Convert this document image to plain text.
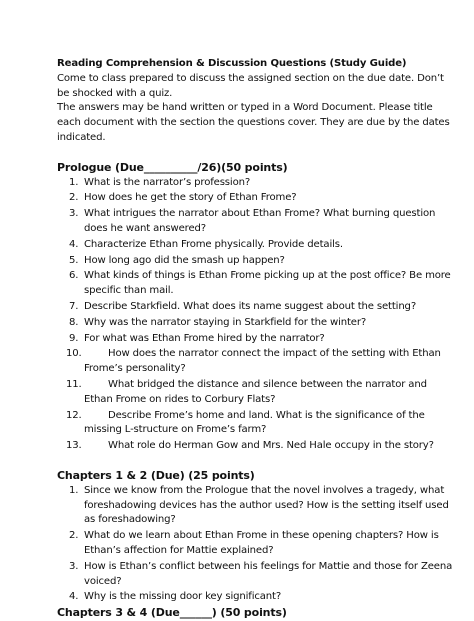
Reading Comprehension & Discussion Questions (Study Guide)

Come to class prepared to discuss the assigned section on the due date. Don’t be shocked with a quiz.

The answers may be hand written or typed in a Word Document. Please title each document with the section the questions cover. They are due by the dates indicated.

Prologue (Due__________/26)(50 points)
1. What is the narrator’s profession?
2. How does he get the story of Ethan Frome?
3. What intrigues the narrator about Ethan Frome? What burning question does he want answered?
4. Characterize Ethan Frome physically. Provide details.
5. How long ago did the smash up happen?
6. What kinds of things is Ethan Frome picking up at the post office? Be more specific than mail.
7. Describe Starkfield. What does its name suggest about the setting?
8. Why was the narrator staying in Starkfield for the winter?
9. For what was Ethan Frome hired by the narrator?
10.	How does the narrator connect the impact of the setting with Ethan Frome’s personality?
11.	What bridged the distance and silence between the narrator and Ethan Frome on rides to Corbury Flats?
12.	Describe Frome’s home and land. What is the significance of the missing L-structure on Frome’s farm?
13.	What role do Herman Gow and Mrs. Ned Hale occupy in the story?
Chapters 1 & 2 (Due) (25 points)
1. Since we know from the Prologue that the novel involves a tragedy, what foreshadowing devices has the author used? How is the setting itself used as foreshadowing?
2. What do we learn about Ethan Frome in these opening chapters? How is Ethan’s affection for Mattie explained?
3. How is Ethan’s conflict between his feelings for Mattie and those for Zeena voiced?
4. Why is the missing door key significant?
Chapters 3 & 4 (Due______) (50 points)
